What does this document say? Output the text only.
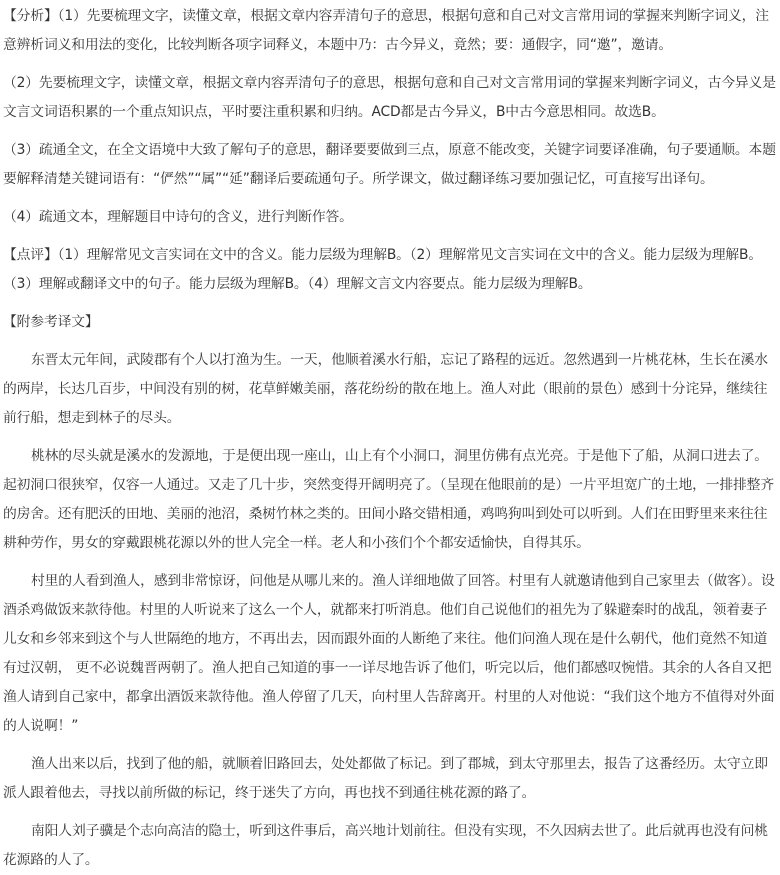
【分析】（1）先要梳理文字，读懂文章，根据文章内容弄清句子的意思，根据句意和自己对文言常用词的掌握来判断字词义，注意辨析词义和用法的变化，比较判断各项字词释义，本题中乃：古今异义，竟然；要：通假字，同“邀”，邀请。

（2）先要梳理文字，读懂文章，根据文章内容弄清句子的意思，根据句意和自己对文言常用词的掌握来判断字词义，古今异义是文言文词语积累的一个重点知识点，平时要注重积累和归纳。ACD都是古今异义，B中古今意思相同。故选B。

（3）疏通全文，在全文语境中大致了解句子的意思，翻译要要做到三点，原意不能改变，关键字词要译准确，句子要通顺。本题要解释清楚关键词语有：“俨然”“属”“延”翻译后要疏通句子。所学课文，做过翻译练习要加强记忆，可直接写出译句。

（4）疏通文本，理解题目中诗句的含义，进行判断作答。

【点评】（1）理解常见文言实词在文中的含义。能力层级为理解B。（2）理解常见文言实词在文中的含义。能力层级为理解B。（3）理解或翻译文中的句子。能力层级为理解B。（4）理解文言文内容要点。能力层级为理解B。

【附参考译文】

东晋太元年间，武陵郡有个人以打渔为生。一天，他顺着溪水行船，忘记了路程的远近。忽然遇到一片桃花林，生长在溪水的两岸，长达几百步，中间没有别的树，花草鲜嫩美丽，落花纷纷的散在地上。渔人对此（眼前的景色）感到十分诧异，继续往前行船，想走到林子的尽头。

桃林的尽头就是溪水的发源地，于是便出现一座山，山上有个小洞口，洞里仿佛有点光亮。于是他下了船，从洞口进去了。起初洞口很狭窄，仅容一人通过。又走了几十步，突然变得开阔明亮了。（呈现在他眼前的是）一片平坦宽广的土地，一排排整齐的房舍。还有肥沃的田地、美丽的池沼，桑树竹林之类的。田间小路交错相通，鸡鸣狗叫到处可以听到。人们在田野里来来往往耕种劳作，男女的穿戴跟桃花源以外的世人完全一样。老人和小孩们个个都安适愉快，自得其乐。

村里的人看到渔人，感到非常惊讶，问他是从哪儿来的。渔人详细地做了回答。村里有人就邀请他到自己家里去（做客）。设酒杀鸡做饭来款待他。村里的人听说来了这么一个人，就都来打听消息。他们自己说他们的祖先为了躲避秦时的战乱，领着妻子儿女和乡邻来到这个与人世隔绝的地方，不再出去，因而跟外面的人断绝了来往。他们问渔人现在是什么朝代，他们竟然不知道有过汉朝， 更不必说魏晋两朝了。渔人把自己知道的事一一详尽地告诉了他们，听完以后，他们都感叹惋惜。其余的人各自又把渔人请到自己家中，都拿出酒饭来款待他。渔人停留了几天，向村里人告辞离开。村里的人对他说：“我们这个地方不值得对外面的人说啊！”

渔人出来以后，找到了他的船，就顺着旧路回去，处处都做了标记。到了郡城，到太守那里去，报告了这番经历。太守立即派人跟着他去，寻找以前所做的标记，终于迷失了方向，再也找不到通往桃花源的路了。

南阳人刘子骥是个志向高洁的隐士，听到这件事后，高兴地计划前往。但没有实现，不久因病去世了。此后就再也没有问桃花源路的人了。
